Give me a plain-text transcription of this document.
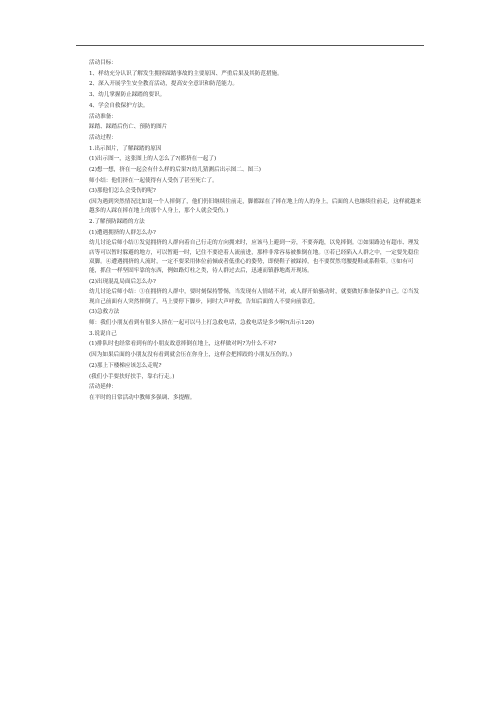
活动目标：

1、样幼充分认识了解发生拥挤踩踏事故的主要原因、严重后果及其防范措施。

2、深入开展学生安全教育活动，提高安全意识和防范能力。

3、幼儿掌握防止踩踏的要识。

4、学会自救保护方法。

活动准备：

踩踏、踩踏后伤亡、预防的图片

活动过程：

1.出示图片，了解踩踏的原因

(1)出示图一，这张图上的人怎么了?(都挤在一起了)

(2)想一想，挤在一起会有什么样的后果?(幼儿猜测后出示图二、图三)

师小结：他们挤在一起使得有人受伤了甚至死亡了。

(3)那他们怎么会受伤的呢?

(因为遇到突然情况比如说一个人摔倒了，他们仍旧继续往前走，脚都踩在了摔在地上的人的身上，后面的人也继续往前走，这样就越来越多的人踩在摔在地上的那个人身上，那个人就会受伤。)

2.了解预防踩踏的方法

(1)遭遇拥挤的人群怎么办?

幼儿讨论后师小结①发觉拥挤的人群向着自己行走的方向拥来时，应该马上避到一旁，不要奔跑，以免摔倒。②如果路边有超市、理发店等可以暂时躲避的地方，可以暂避一时，记住不要逆着人流前进，那样非常容易被推倒在地。③若已经陷入人群之中，一定要先稳住双脚。④遭遇拥挤的人流时，一定不要采用体位前倾或者低重心的姿势，即便鞋子被踩掉，也不要贸然弯腰提鞋或系鞋带。⑤如有可能，抓住一样坚固牢靠的东西，例如路灯柱之类，待人群过去后，迅速而镇静地离开现场。

(2)出现混乱局面后怎么办?

幼儿讨论后师小结：①在拥挤的人群中，要时刻保持警惕，当发现有人情绪不对，或人群开始骚动时，就要做好准备保护自己。②当发现自己前面有人突然摔倒了，马上要停下脚步，同时大声呼救，告知后面的人不要向前靠近。

(3)急救方法

师：我们小朋友看到有很多人挤在一起可以马上打急救电话，急救电话是多少啊?(出示120)

3.说说自己

(1)排队时也经常看到有的小朋友故意摔倒在地上，这样做对吗?为什么不对?

(因为如果后面的小朋友没有看到就会压在你身上，这样会把摔跤的小朋友压伤的。)

(2)那上下楼梯应该怎么走呢?

(我们小手要扶好扶手，靠右行走。)

活动延伸：

在平时的日常活动中教师多强调、多提醒。
